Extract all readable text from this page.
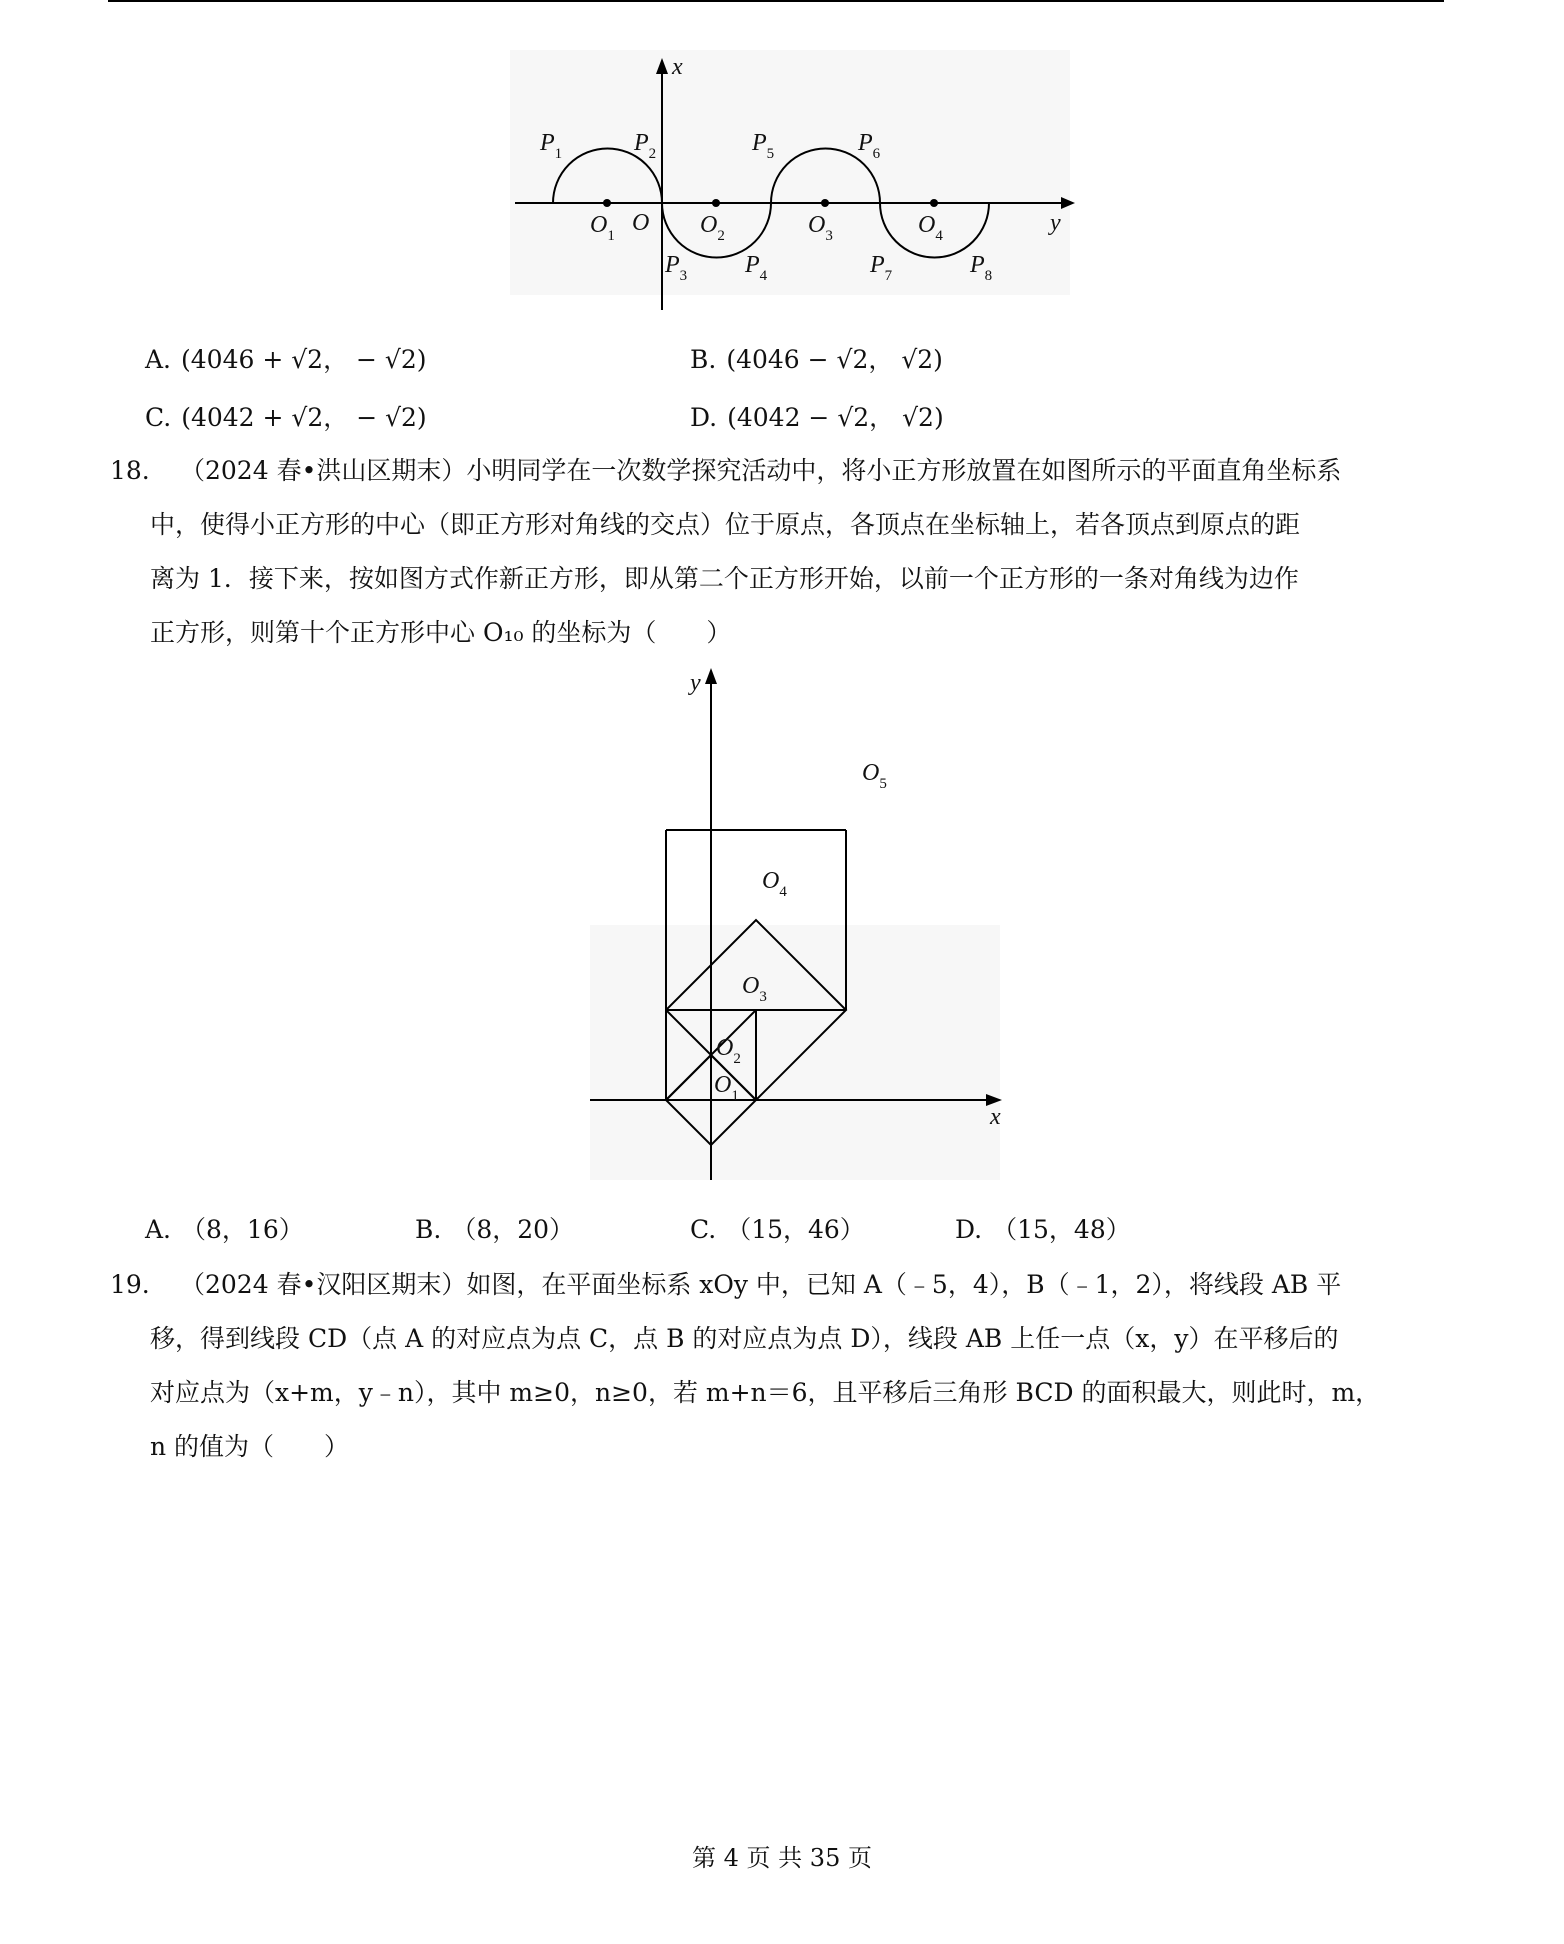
x
y
O
$O_1$	$O_2$	$O_3$	$O_4$
$P_1$	$P_2$
$P_3$ $P_4$
$P_5$	$P_6$
$P_7$	$P_8$
A. (4046 + √2， − √2)	B. (4046 − √2， √2)
C. (4042 + √2， − √2)	D. (4042 − √2， √2)
18. （2024 春•洪山区期末）小明同学在一次数学探究活动中，将小正方形放置在如图所示的平面直角坐标系
中，使得小正方形的中心（即正方形对角线的交点）位于原点，各顶点在坐标轴上，若各顶点到原点的距
离为 1．接下来，按如图方式作新正方形，即从第二个正方形开始，以前一个正方形的一条对角线为边作
正方形，则第十个正方形中心 O₁₀ 的坐标为（　　）
y
x
$O_1$
$O_2$
$O_3$
$O_4$
$O_5$
A. （8，16）	B. （8，20）	C. （15，46）	D. （15，48）
19. （2024 春•汉阳区期末）如图，在平面坐标系 xOy 中，已知 A（﹣5，4），B（﹣1，2），将线段 AB 平
移，得到线段 CD（点 A 的对应点为点 C，点 B 的对应点为点 D），线段 AB 上任一点（x，y）在平移后的
对应点为（x+m，y﹣n），其中 m≥0，n≥0，若 m+n＝6，且平移后三角形 BCD 的面积最大，则此时，m，
n 的值为（　　）
第 4 页 共 35 页
